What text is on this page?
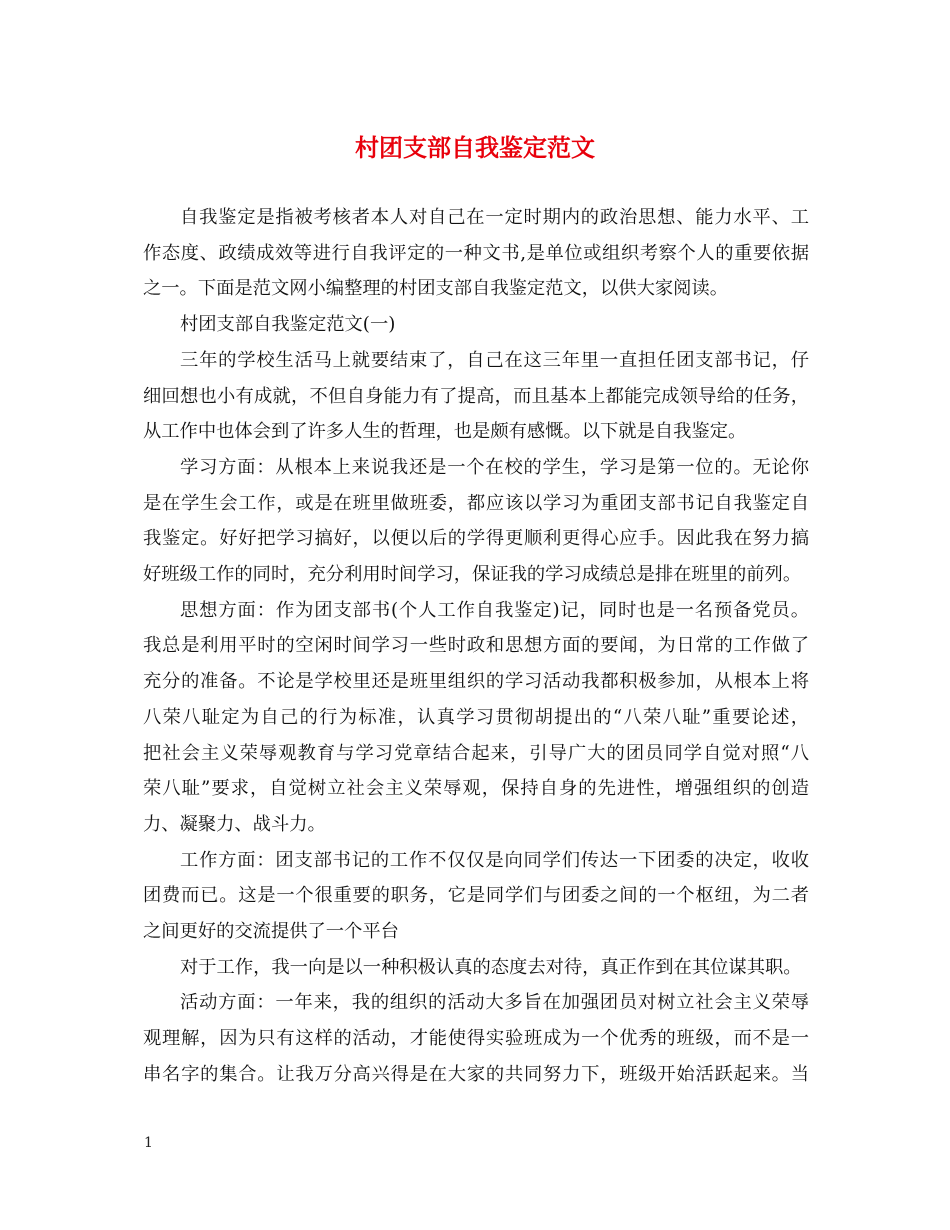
村团支部自我鉴定范文
自我鉴定是指被考核者本人对自己在一定时期内的政治思想、能力水平、工
作态度、政绩成效等进行自我评定的一种文书,是单位或组织考察个人的重要依据
之一。下面是范文网小编整理的村团支部自我鉴定范文，以供大家阅读。
村团支部自我鉴定范文(一)
三年的学校生活马上就要结束了，自己在这三年里一直担任团支部书记，仔
细回想也小有成就，不但自身能力有了提高，而且基本上都能完成领导给的任务，
从工作中也体会到了许多人生的哲理，也是颇有感慨。以下就是自我鉴定。
学习方面：从根本上来说我还是一个在校的学生，学习是第一位的。无论你
是在学生会工作，或是在班里做班委，都应该以学习为重团支部书记自我鉴定自
我鉴定。好好把学习搞好，以便以后的学得更顺利更得心应手。因此我在努力搞
好班级工作的同时，充分利用时间学习，保证我的学习成绩总是排在班里的前列。
思想方面：作为团支部书(个人工作自我鉴定)记，同时也是一名预备党员。
我总是利用平时的空闲时间学习一些时政和思想方面的要闻，为日常的工作做了
充分的准备。不论是学校里还是班里组织的学习活动我都积极参加，从根本上将
八荣八耻定为自己的行为标准，认真学习贯彻胡提出的“八荣八耻”重要论述，
把社会主义荣辱观教育与学习党章结合起来，引导广大的团员同学自觉对照“八
荣八耻”要求，自觉树立社会主义荣辱观，保持自身的先进性，增强组织的创造
力、凝聚力、战斗力。
工作方面：团支部书记的工作不仅仅是向同学们传达一下团委的决定，收收
团费而已。这是一个很重要的职务，它是同学们与团委之间的一个枢纽，为二者
之间更好的交流提供了一个平台
对于工作，我一向是以一种积极认真的态度去对待，真正作到在其位谋其职。
活动方面：一年来，我的组织的活动大多旨在加强团员对树立社会主义荣辱
观理解，因为只有这样的活动，才能使得实验班成为一个优秀的班级，而不是一
串名字的集合。让我万分高兴得是在大家的共同努力下，班级开始活跃起来。当
1
